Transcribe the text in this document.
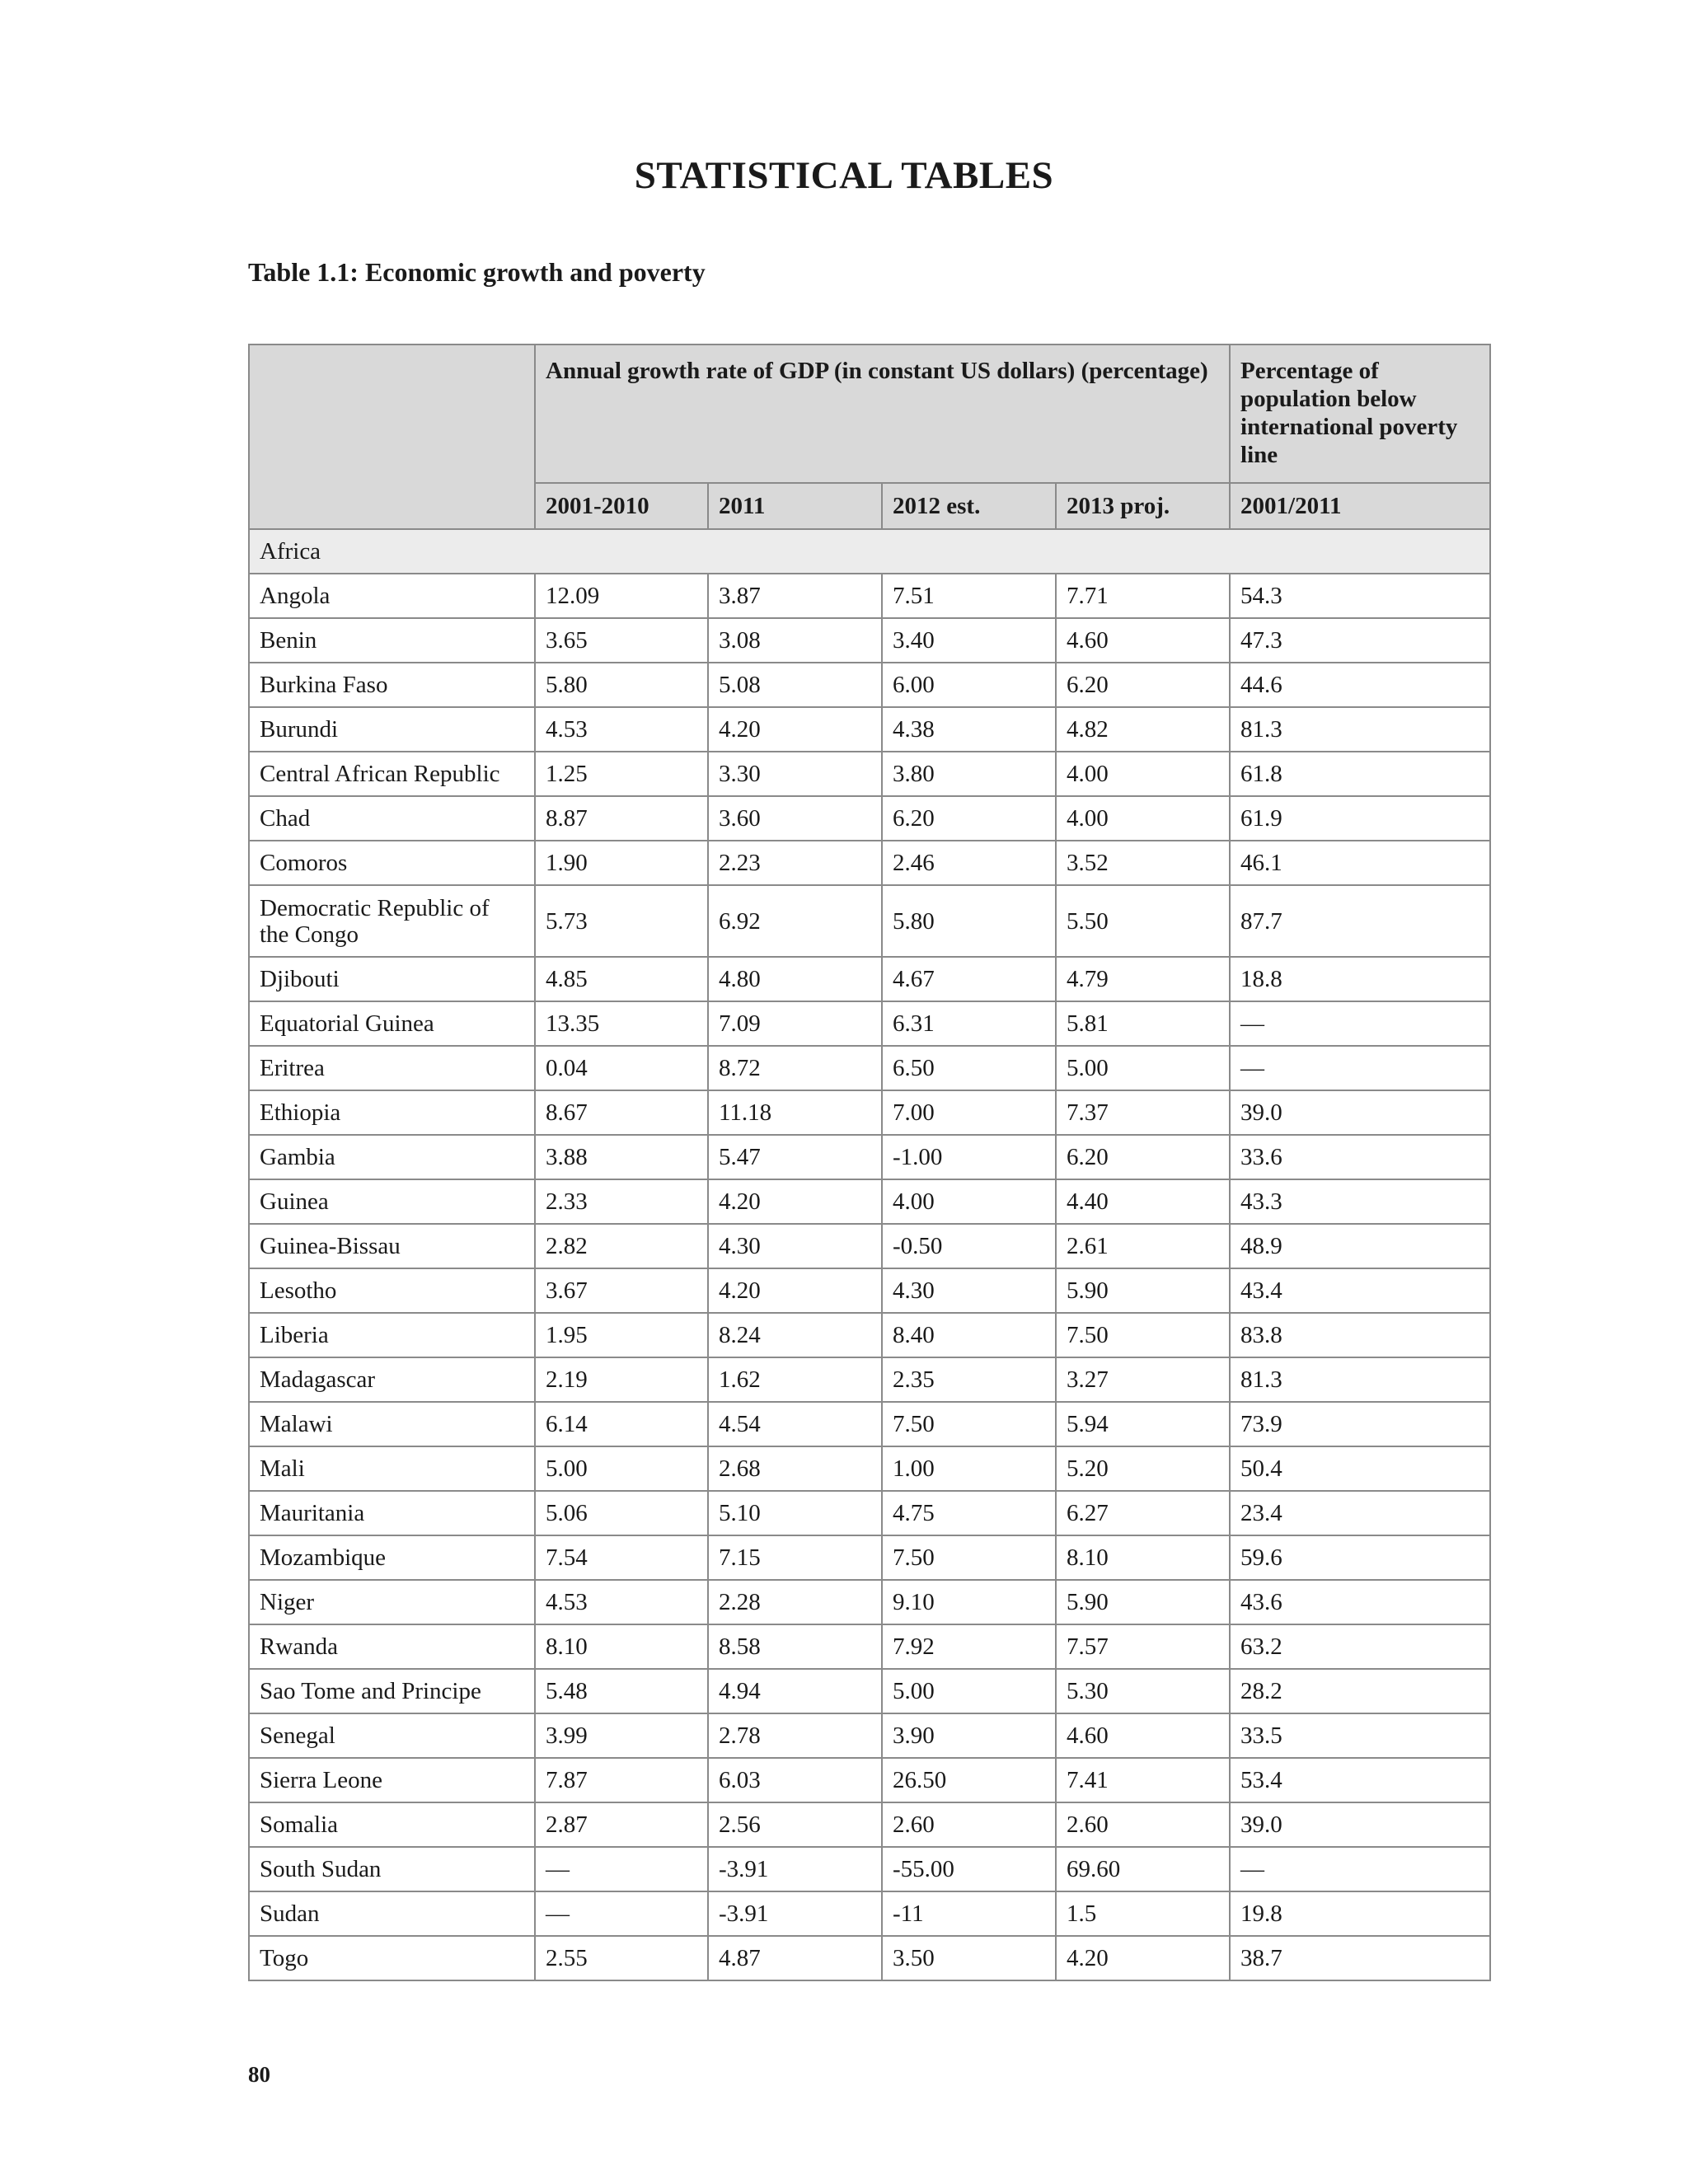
STATISTICAL TABLES
Table 1.1: Economic growth and poverty
	Annual growth rate of GDP (in constant US dollars) (percentage)				Percentage of population below international poverty line
	2001-2010	2011	2012 est.	2013 proj.	2001/2011
Africa					
Angola	12.09	3.87	7.51	7.71	54.3
Benin	3.65	3.08	3.40	4.60	47.3
Burkina Faso	5.80	5.08	6.00	6.20	44.6
Burundi	4.53	4.20	4.38	4.82	81.3
Central African Republic	1.25	3.30	3.80	4.00	61.8
Chad	8.87	3.60	6.20	4.00	61.9
Comoros	1.90	2.23	2.46	3.52	46.1
Democratic Republic of the Congo	5.73	6.92	5.80	5.50	87.7
Djibouti	4.85	4.80	4.67	4.79	18.8
Equatorial Guinea	13.35	7.09	6.31	5.81	—
Eritrea	0.04	8.72	6.50	5.00	—
Ethiopia	8.67	11.18	7.00	7.37	39.0
Gambia	3.88	5.47	-1.00	6.20	33.6
Guinea	2.33	4.20	4.00	4.40	43.3
Guinea-Bissau	2.82	4.30	-0.50	2.61	48.9
Lesotho	3.67	4.20	4.30	5.90	43.4
Liberia	1.95	8.24	8.40	7.50	83.8
Madagascar	2.19	1.62	2.35	3.27	81.3
Malawi	6.14	4.54	7.50	5.94	73.9
Mali	5.00	2.68	1.00	5.20	50.4
Mauritania	5.06	5.10	4.75	6.27	23.4
Mozambique	7.54	7.15	7.50	8.10	59.6
Niger	4.53	2.28	9.10	5.90	43.6
Rwanda	8.10	8.58	7.92	7.57	63.2
Sao Tome and Principe	5.48	4.94	5.00	5.30	28.2
Senegal	3.99	2.78	3.90	4.60	33.5
Sierra Leone	7.87	6.03	26.50	7.41	53.4
Somalia	2.87	2.56	2.60	2.60	39.0
South Sudan	—	-3.91	-55.00	69.60	—
Sudan	—	-3.91	-11	1.5	19.8
Togo	2.55	4.87	3.50	4.20	38.7
80
